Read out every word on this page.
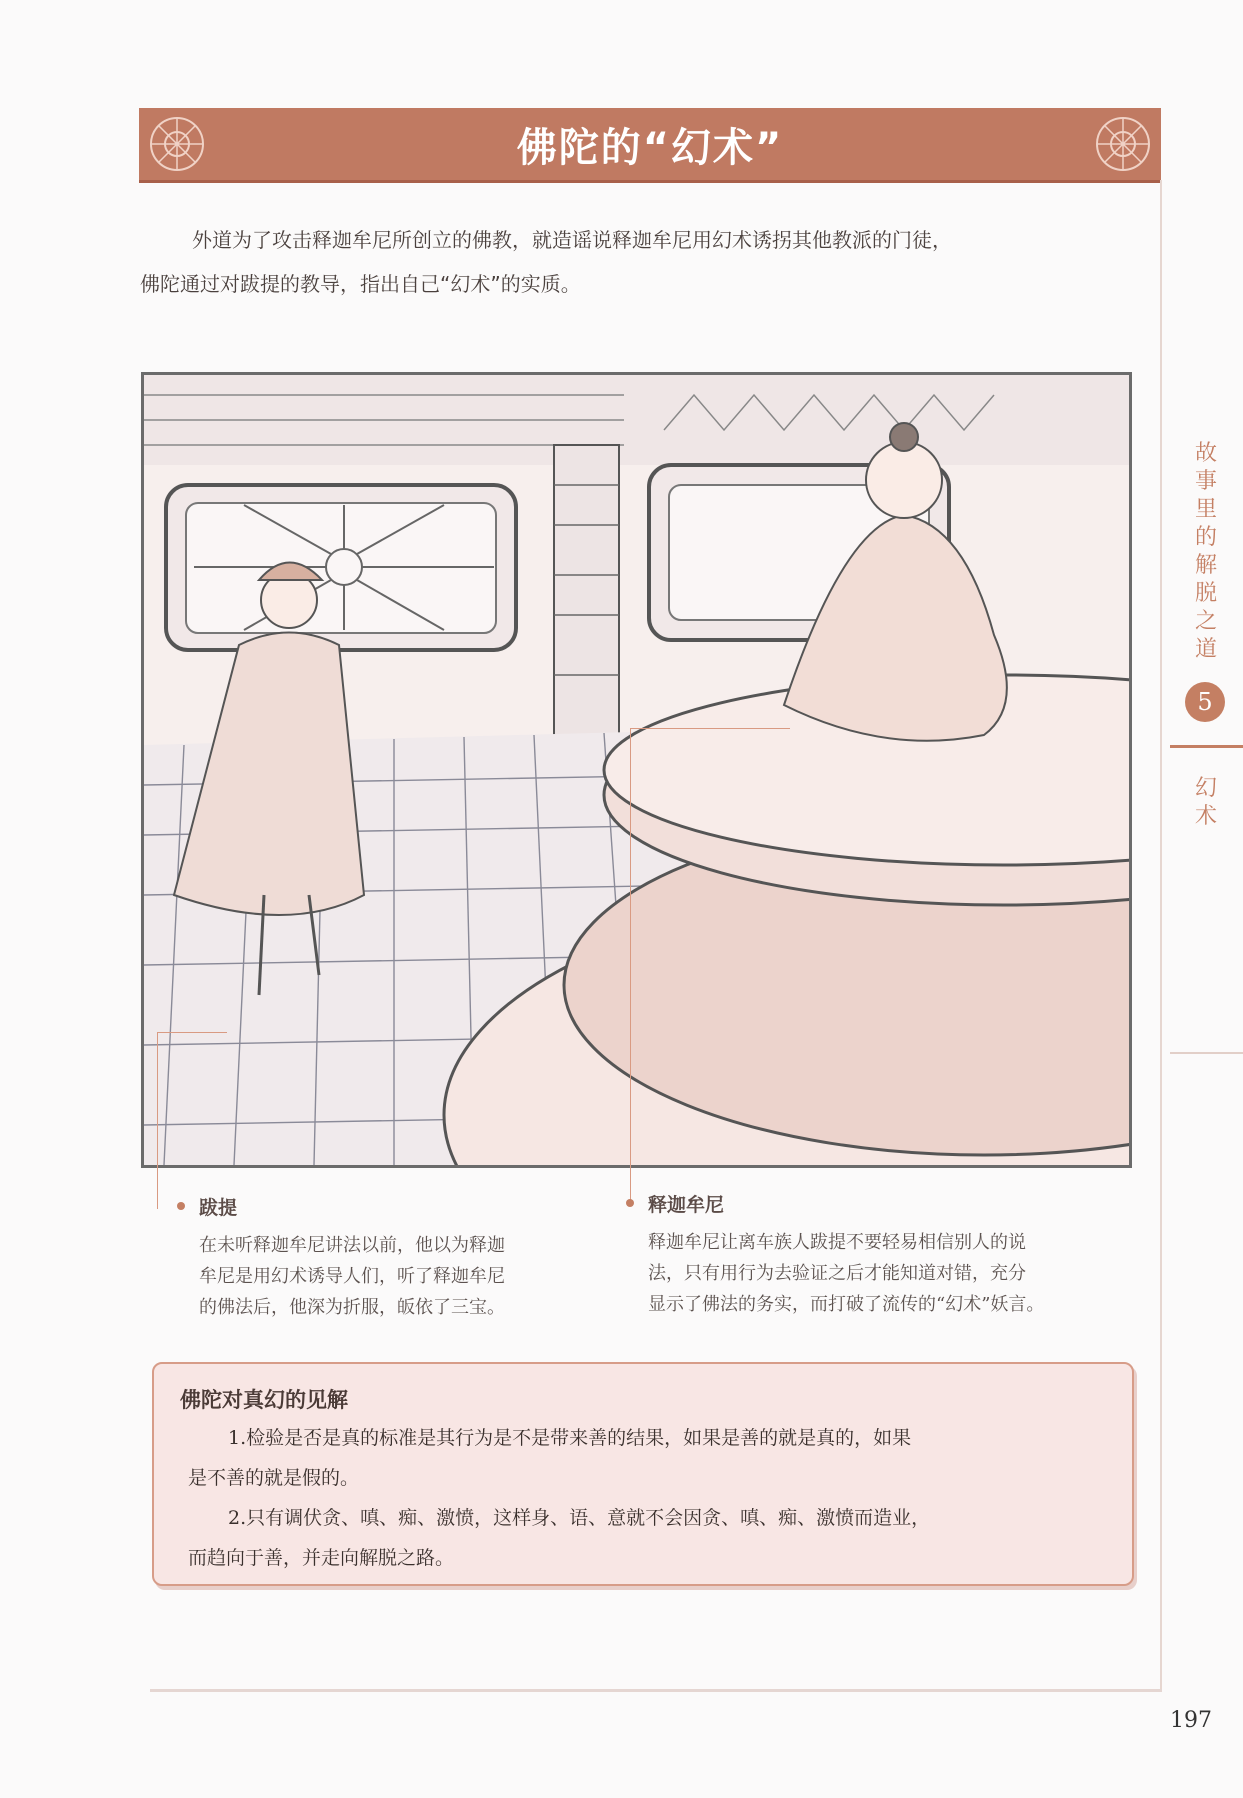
佛陀的“幻术”
外道为了攻击释迦牟尼所创立的佛教，就造谣说释迦牟尼用幻术诱拐其他教派的门徒，
佛陀通过对跋提的教导，指出自己“幻术”的实质。
跋提
在未听释迦牟尼讲法以前，他以为释迦
牟尼是用幻术诱导人们，听了释迦牟尼
的佛法后，他深为折服，皈依了三宝。
释迦牟尼
释迦牟尼让离车族人跋提不要轻易相信别人的说
法，只有用行为去验证之后才能知道对错，充分
显示了佛法的务实，而打破了流传的“幻术”妖言。
佛陀对真幻的见解
1.检验是否是真的标准是其行为是不是带来善的结果，如果是善的就是真的，如果
是不善的就是假的。
2.只有调伏贪、嗔、痴、激愤，这样身、语、意就不会因贪、嗔、痴、激愤而造业，
而趋向于善，并走向解脱之路。
故事里的解脱之道
5
幻术
197
